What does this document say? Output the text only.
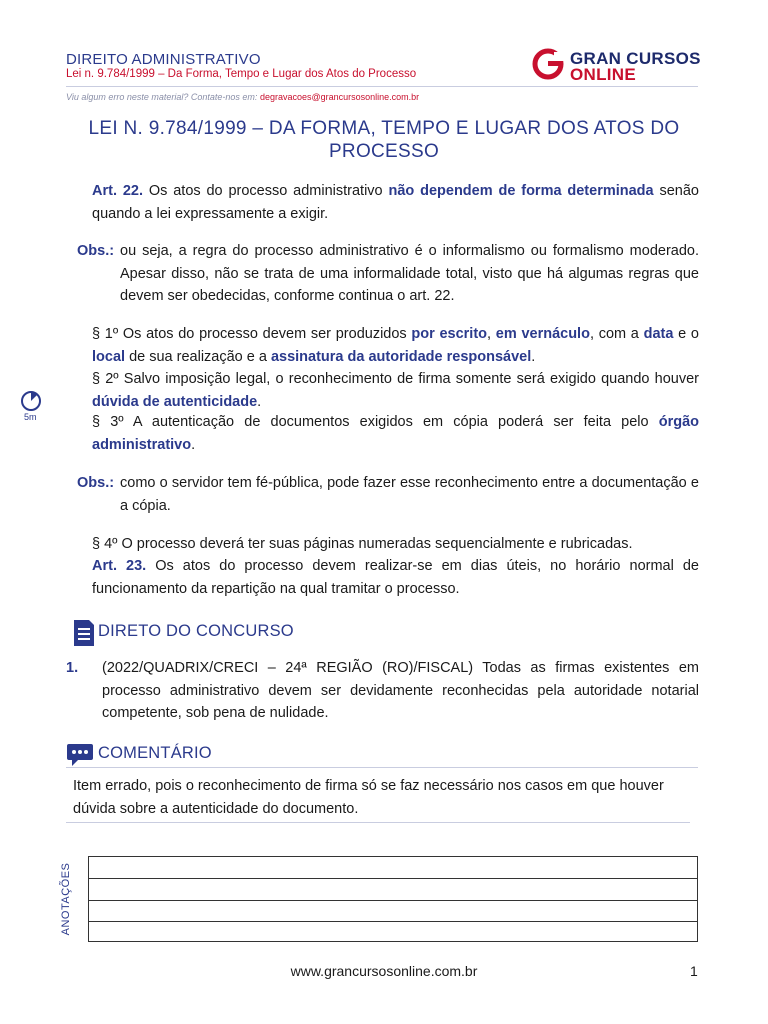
DIREITO ADMINISTRATIVO
Lei n. 9.784/1999 – Da Forma, Tempo e Lugar dos Atos do Processo
Viu algum erro neste material? Contate-nos em: degravacoes@grancursosonline.com.br
GRAN CURSOS
ONLINE
LEI N. 9.784/1999 – DA FORMA, TEMPO E LUGAR DOS ATOS DO PROCESSO
Art. 22. Os atos do processo administrativo não dependem de forma determinada senão quando a lei expressamente a exigir.
Obs.: ou seja, a regra do processo administrativo é o informalismo ou formalismo moderado. Apesar disso, não se trata de uma informalidade total, visto que há algumas regras que devem ser obedecidas, conforme continua o art. 22.
§ 1º Os atos do processo devem ser produzidos por escrito, em vernáculo, com a data e o local de sua realização e a assinatura da autoridade responsável.
§ 2º Salvo imposição legal, o reconhecimento de firma somente será exigido quando houver dúvida de autenticidade.
§ 3º A autenticação de documentos exigidos em cópia poderá ser feita pelo órgão administrativo.
5m
Obs.: como o servidor tem fé-pública, pode fazer esse reconhecimento entre a documentação e a cópia.
§ 4º O processo deverá ter suas páginas numeradas sequencialmente e rubricadas.
Art. 23. Os atos do processo devem realizar-se em dias úteis, no horário normal de funcionamento da repartição na qual tramitar o processo.
DIRETO DO CONCURSO
1. (2022/QUADRIX/CRECI – 24ª REGIÃO (RO)/FISCAL) Todas as firmas existentes em processo administrativo devem ser devidamente reconhecidas pela autoridade notarial competente, sob pena de nulidade.
COMENTÁRIO
Item errado, pois o reconhecimento de firma só se faz necessário nos casos em que houver dúvida sobre a autenticidade do documento.
ANOTAÇÕES
www.grancursosonline.com.br	1
